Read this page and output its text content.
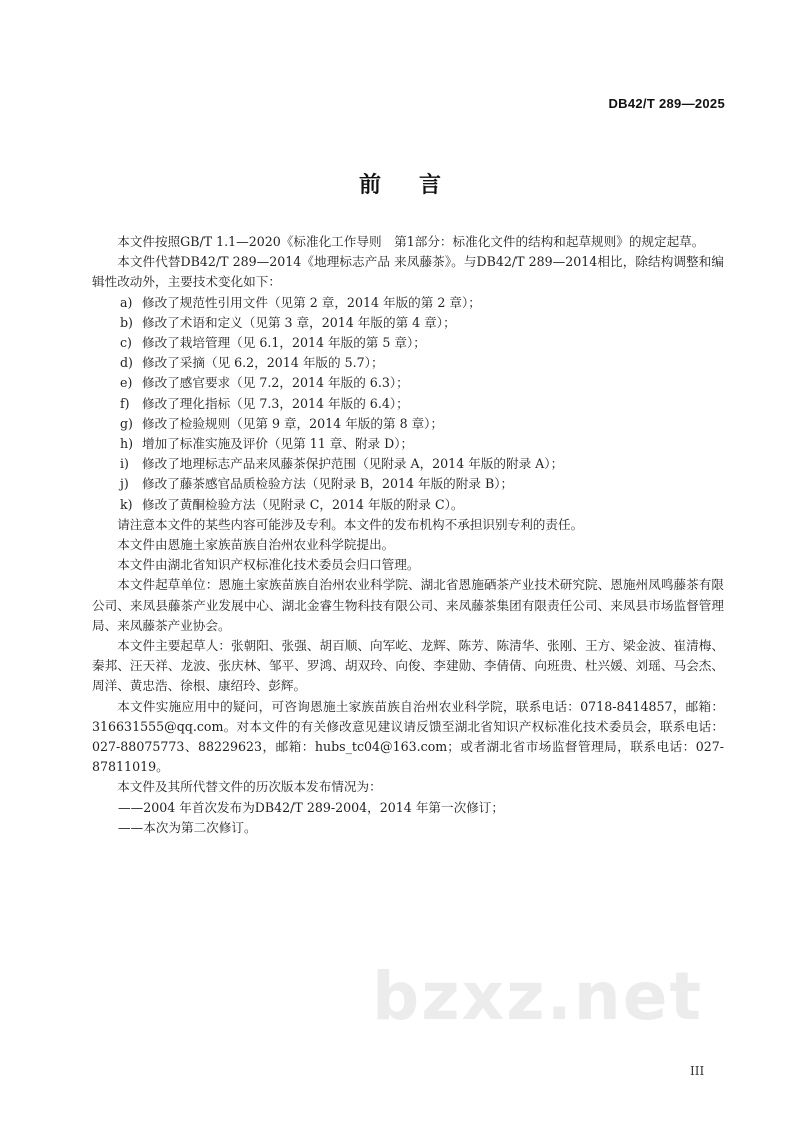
DB42/T 289—2025
前言

本文件按照GB/T 1.1—2020《标准化工作导则　第1部分：标准化文件的结构和起草规则》的规定起草。

本文件代替DB42/T 289—2014《地理标志产品 来凤藤茶》。与DB42/T 289—2014相比，除结构调整和编辑性改动外，主要技术变化如下：

a) 修改了规范性引用文件（见第 2 章，2014 年版的第 2 章）；
b) 修改了术语和定义（见第 3 章，2014 年版的第 4 章）；
c) 修改了栽培管理（见 6.1，2014 年版的第 5 章）；
d) 修改了采摘（见 6.2，2014 年版的 5.7）；
e) 修改了感官要求（见 7.2，2014 年版的 6.3）；
f) 修改了理化指标（见 7.3，2014 年版的 6.4）；
g) 修改了检验规则（见第 9 章，2014 年版的第 8 章）；
h) 增加了标准实施及评价（见第 11 章、附录 D）；
i) 修改了地理标志产品来凤藤茶保护范围（见附录 A，2014 年版的附录 A）；
j) 修改了藤茶感官品质检验方法（见附录 B，2014 年版的附录 B）；
k) 修改了黄酮检验方法（见附录 C，2014 年版的附录 C）。

请注意本文件的某些内容可能涉及专利。本文件的发布机构不承担识别专利的责任。

本文件由恩施土家族苗族自治州农业科学院提出。

本文件由湖北省知识产权标准化技术委员会归口管理。

本文件起草单位：恩施土家族苗族自治州农业科学院、湖北省恩施硒茶产业技术研究院、恩施州凤鸣藤茶有限公司、来凤县藤茶产业发展中心、湖北金睿生物科技有限公司、来凤藤茶集团有限责任公司、来凤县市场监督管理局、来凤藤茶产业协会。

本文件主要起草人：张朝阳、张强、胡百顺、向军屹、龙辉、陈芳、陈清华、张刚、王方、梁金波、崔清梅、秦邦、汪天祥、龙波、张庆林、邹平、罗鸿、胡双玲、向俊、李建勋、李倩倩、向班贵、杜兴媛、刘瑶、马会杰、周洋、黄忠浩、徐根、康绍玲、彭辉。

本文件实施应用中的疑问，可咨询恩施土家族苗族自治州农业科学院，联系电话：0718-8414857，邮箱：316631555@qq.com。对本文件的有关修改意见建议请反馈至湖北省知识产权标准化技术委员会，联系电话：027-88075773、88229623，邮箱：hubs_tc04@163.com；或者湖北省市场监督管理局，联系电话：027-87811019。

本文件及其所代替文件的历次版本发布情况为：

——2004 年首次发布为DB42/T 289-2004，2014 年第一次修订；
——本次为第二次修订。
bzxz.net
III
